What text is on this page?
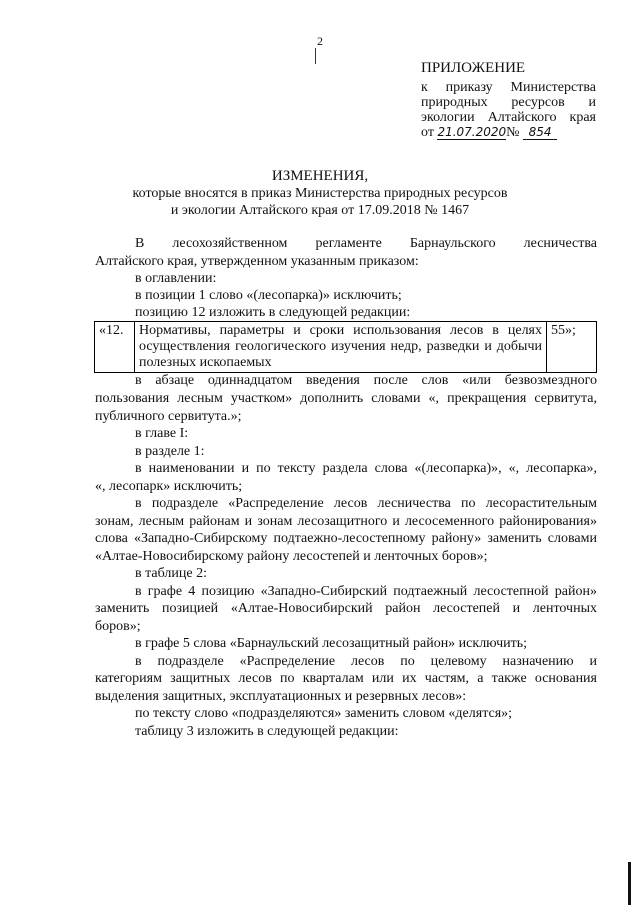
2
ПРИЛОЖЕНИЕ
к приказу Министерства
природных ресурсов и
экологии Алтайского края
от 21.07.2020№ 854
ИЗМЕНЕНИЯ,
которые вносятся в приказ Министерства природных ресурсов
и экологии Алтайского края от 17.09.2018 № 1467
В лесохозяйственном регламенте Барнаульского лесничества
Алтайского края, утвержденном указанным приказом:
в оглавлении:
в позиции 1 слово «(лесопарка)» исключить;
позицию 12 изложить в следующей редакции:
«12.	Нормативы, параметры и сроки использования лесов в целях осуществления геологического изучения недр, разведки и добычи полезных ископаемых	55»;
в абзаце одиннадцатом введения после слов «или безвозмездного
пользования лесным участком» дополнить словами «, прекращения сервитута,
публичного сервитута.»;
в главе I:
в разделе 1:
в наименовании и по тексту раздела слова «(лесопарка)», «, лесопарка»,
«, лесопарк» исключить;
в подразделе «Распределение лесов лесничества по лесорастительным
зонам, лесным районам и зонам лесозащитного и лесосеменного районирования»
слова «Западно-Сибирскому подтаежно-лесостепному району» заменить словами
«Алтае-Новосибирскому району лесостепей и ленточных боров»;
в таблице 2:
в графе 4 позицию «Западно-Сибирский подтаежный лесостепной район»
заменить позицией «Алтае-Новосибирский район лесостепей и ленточных
боров»;
в графе 5 слова «Барнаульский лесозащитный район» исключить;
в подразделе «Распределение лесов по целевому назначению и
категориям защитных лесов по кварталам или их частям, а также основания
выделения защитных, эксплуатационных и резервных лесов»:
по тексту слово «подразделяются» заменить словом «делятся»;
таблицу 3 изложить в следующей редакции:
